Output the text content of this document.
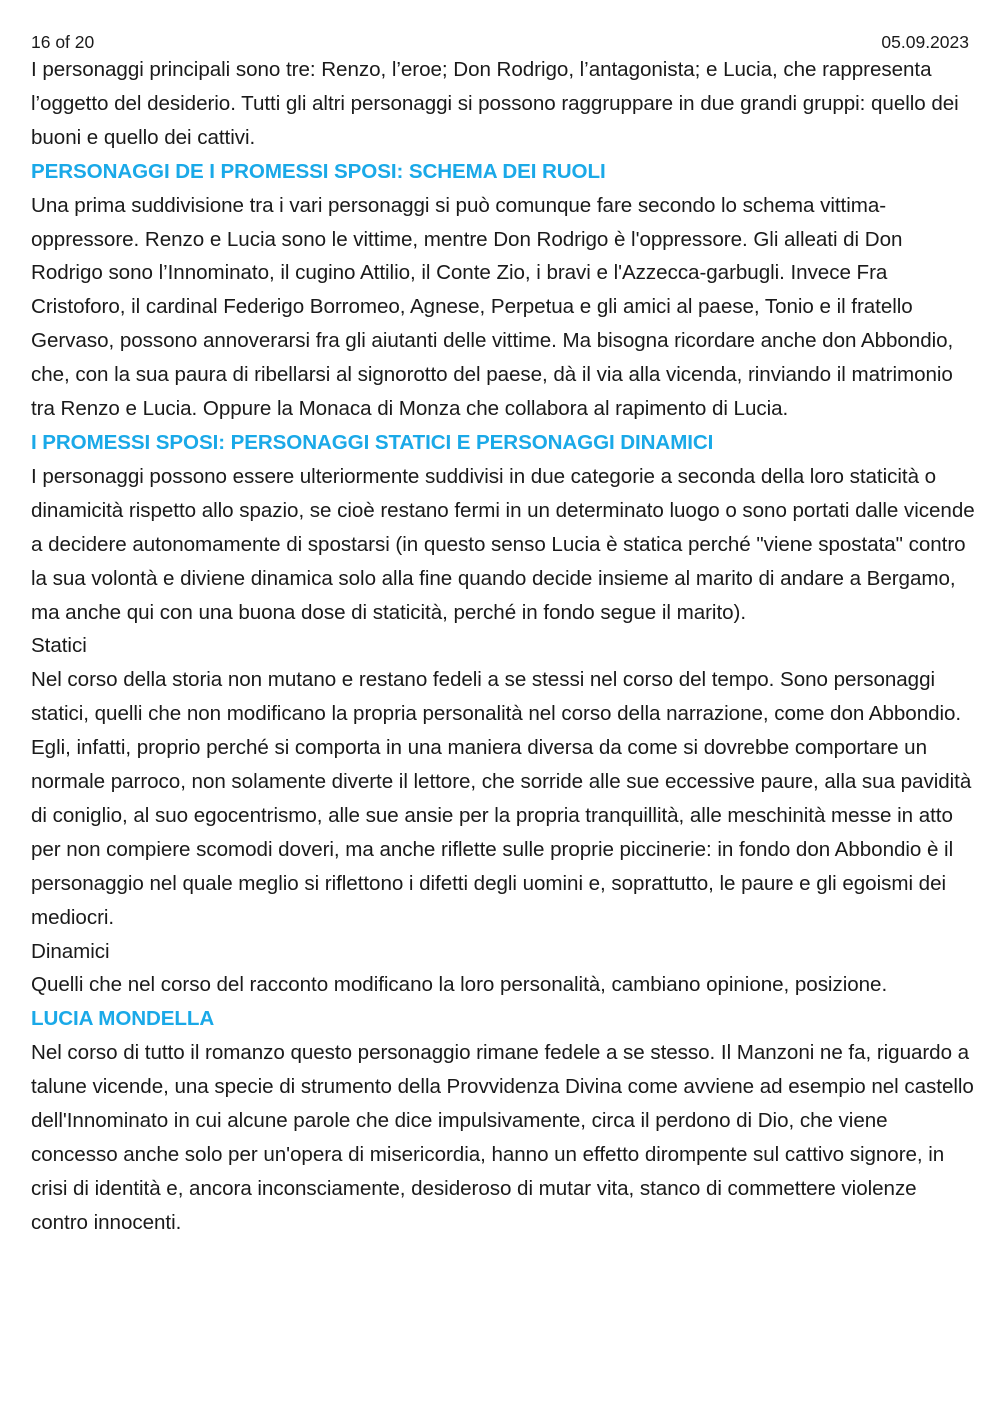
16 of 20	05.09.2023

I personaggi principali sono tre: Renzo, l’eroe; Don Rodrigo, l’antagonista; e Lucia, che rappresenta l’oggetto del desiderio. Tutti gli altri personaggi si possono raggruppare in due grandi gruppi: quello dei buoni e quello dei cattivi.

PERSONAGGI DE I PROMESSI SPOSI: SCHEMA DEI RUOLI

Una prima suddivisione tra i vari personaggi si può comunque fare secondo lo schema vittima-oppressore. Renzo e Lucia sono le vittime, mentre Don Rodrigo è l'oppressore. Gli alleati di Don Rodrigo sono l’Innominato, il cugino Attilio, il Conte Zio, i bravi e l'Azzecca-garbugli. Invece Fra Cristoforo, il cardinal Federigo Borromeo, Agnese, Perpetua e gli amici al paese, Tonio e il fratello Gervaso, possono annoverarsi fra gli aiutanti delle vittime. Ma bisogna ricordare anche don Abbondio, che, con la sua paura di ribellarsi al signorotto del paese, dà il via alla vicenda, rinviando il matrimonio tra Renzo e Lucia. Oppure la Monaca di Monza che collabora al rapimento di Lucia.

I PROMESSI SPOSI: PERSONAGGI STATICI E PERSONAGGI DINAMICI

I personaggi possono essere ulteriormente suddivisi in due categorie a seconda della loro staticità o dinamicità rispetto allo spazio, se cioè restano fermi in un determinato luogo o sono portati dalle vicende a decidere autonomamente di spostarsi (in questo senso Lucia è statica perché "viene spostata" contro la sua volontà e diviene dinamica solo alla fine quando decide insieme al marito di andare a Bergamo, ma anche qui con una buona dose di staticità, perché in fondo segue il marito).

Statici

Nel corso della storia non mutano e restano fedeli a se stessi nel corso del tempo. Sono personaggi statici, quelli che non modificano la propria personalità nel corso della narrazione, come don Abbondio. Egli, infatti, proprio perché si comporta in una maniera diversa da come si dovrebbe comportare un normale parroco, non solamente diverte il lettore, che sorride alle sue eccessive paure, alla sua pavidità di coniglio, al suo egocentrismo, alle sue ansie per la propria tranquillità, alle meschinità messe in atto per non compiere scomodi doveri, ma anche riflette sulle proprie piccinerie: in fondo don Abbondio è il personaggio nel quale meglio si riflettono i difetti degli uomini e, soprattutto, le paure e gli egoismi dei mediocri.

Dinamici

Quelli che nel corso del racconto modificano la loro personalità, cambiano opinione, posizione.

LUCIA MONDELLA

Nel corso di tutto il romanzo questo personaggio rimane fedele a se stesso. Il Manzoni ne fa, riguardo a talune vicende, una specie di strumento della Provvidenza Divina come avviene ad esempio nel castello dell'Innominato in cui alcune parole che dice impulsivamente, circa il perdono di Dio, che viene concesso anche solo per un'opera di misericordia, hanno un effetto dirompente sul cattivo signore, in crisi di identità e, ancora inconsciamente, desideroso di mutar vita, stanco di commettere violenze contro innocenti.
